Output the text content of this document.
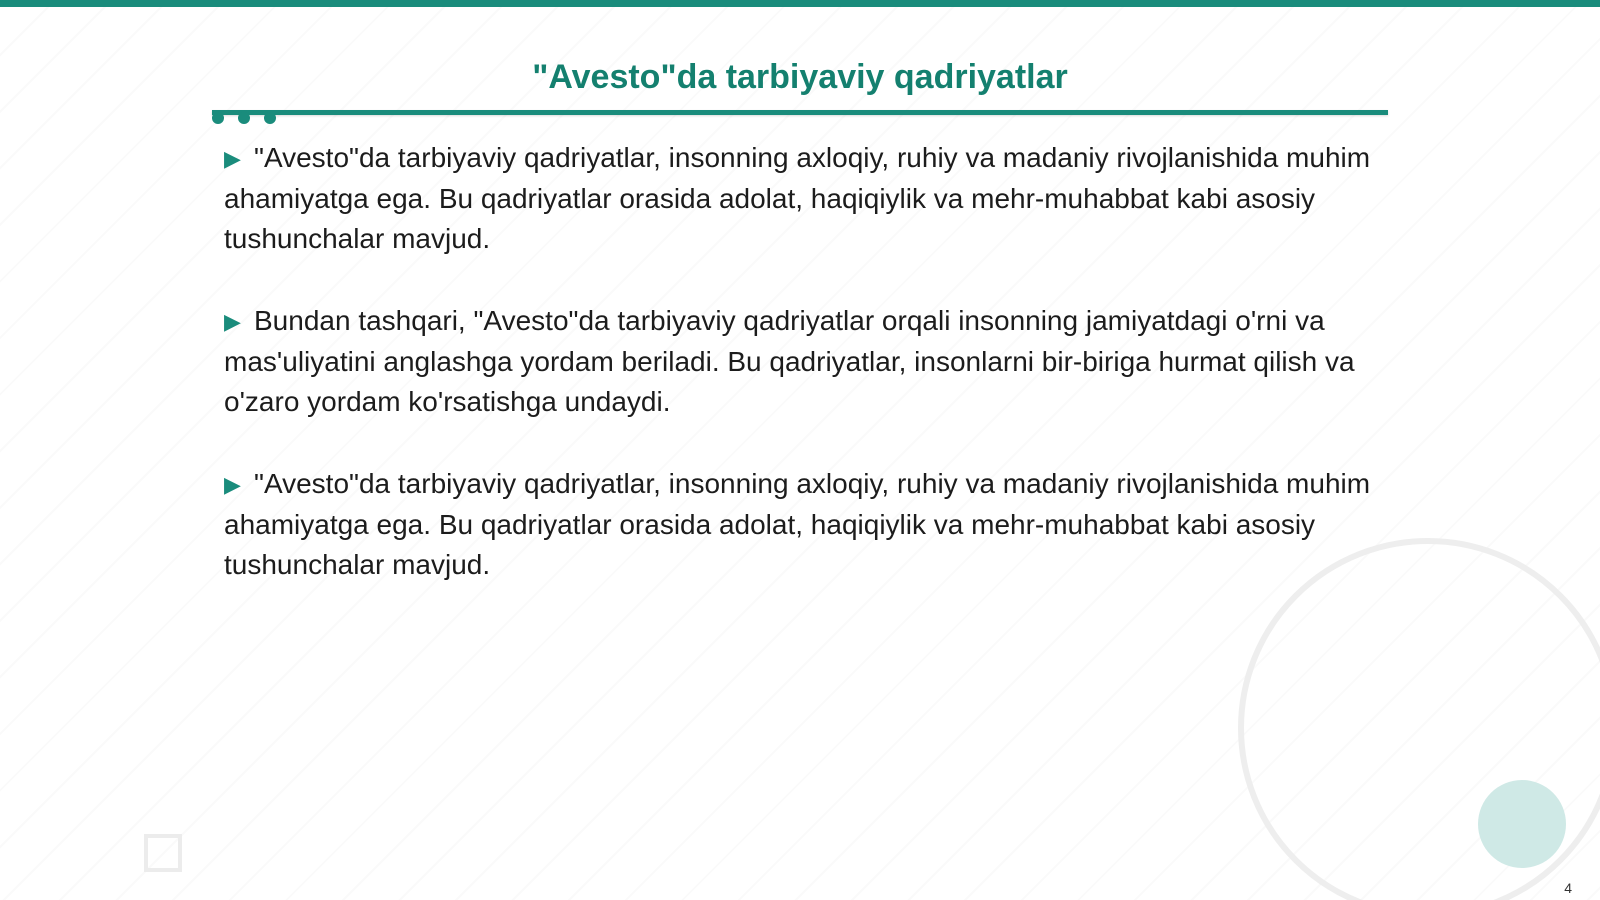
"Avesto"da tarbiyaviy qadriyatlar
▶ "Avesto"da tarbiyaviy qadriyatlar, insonning axloqiy, ruhiy va madaniy rivojlanishida muhim ahamiyatga ega. Bu qadriyatlar orasida adolat, haqiqiylik va mehr-muhabbat kabi asosiy tushunchalar mavjud.
▶ Bundan tashqari, "Avesto"da tarbiyaviy qadriyatlar orqali insonning jamiyatdagi o'rni va mas'uliyatini anglashga yordam beriladi. Bu qadriyatlar, insonlarni bir-biriga hurmat qilish va o'zaro yordam ko'rsatishga undaydi.
▶ "Avesto"da tarbiyaviy qadriyatlar, insonning axloqiy, ruhiy va madaniy rivojlanishida muhim ahamiyatga ega. Bu qadriyatlar orasida adolat, haqiqiylik va mehr-muhabbat kabi asosiy tushunchalar mavjud.
4
